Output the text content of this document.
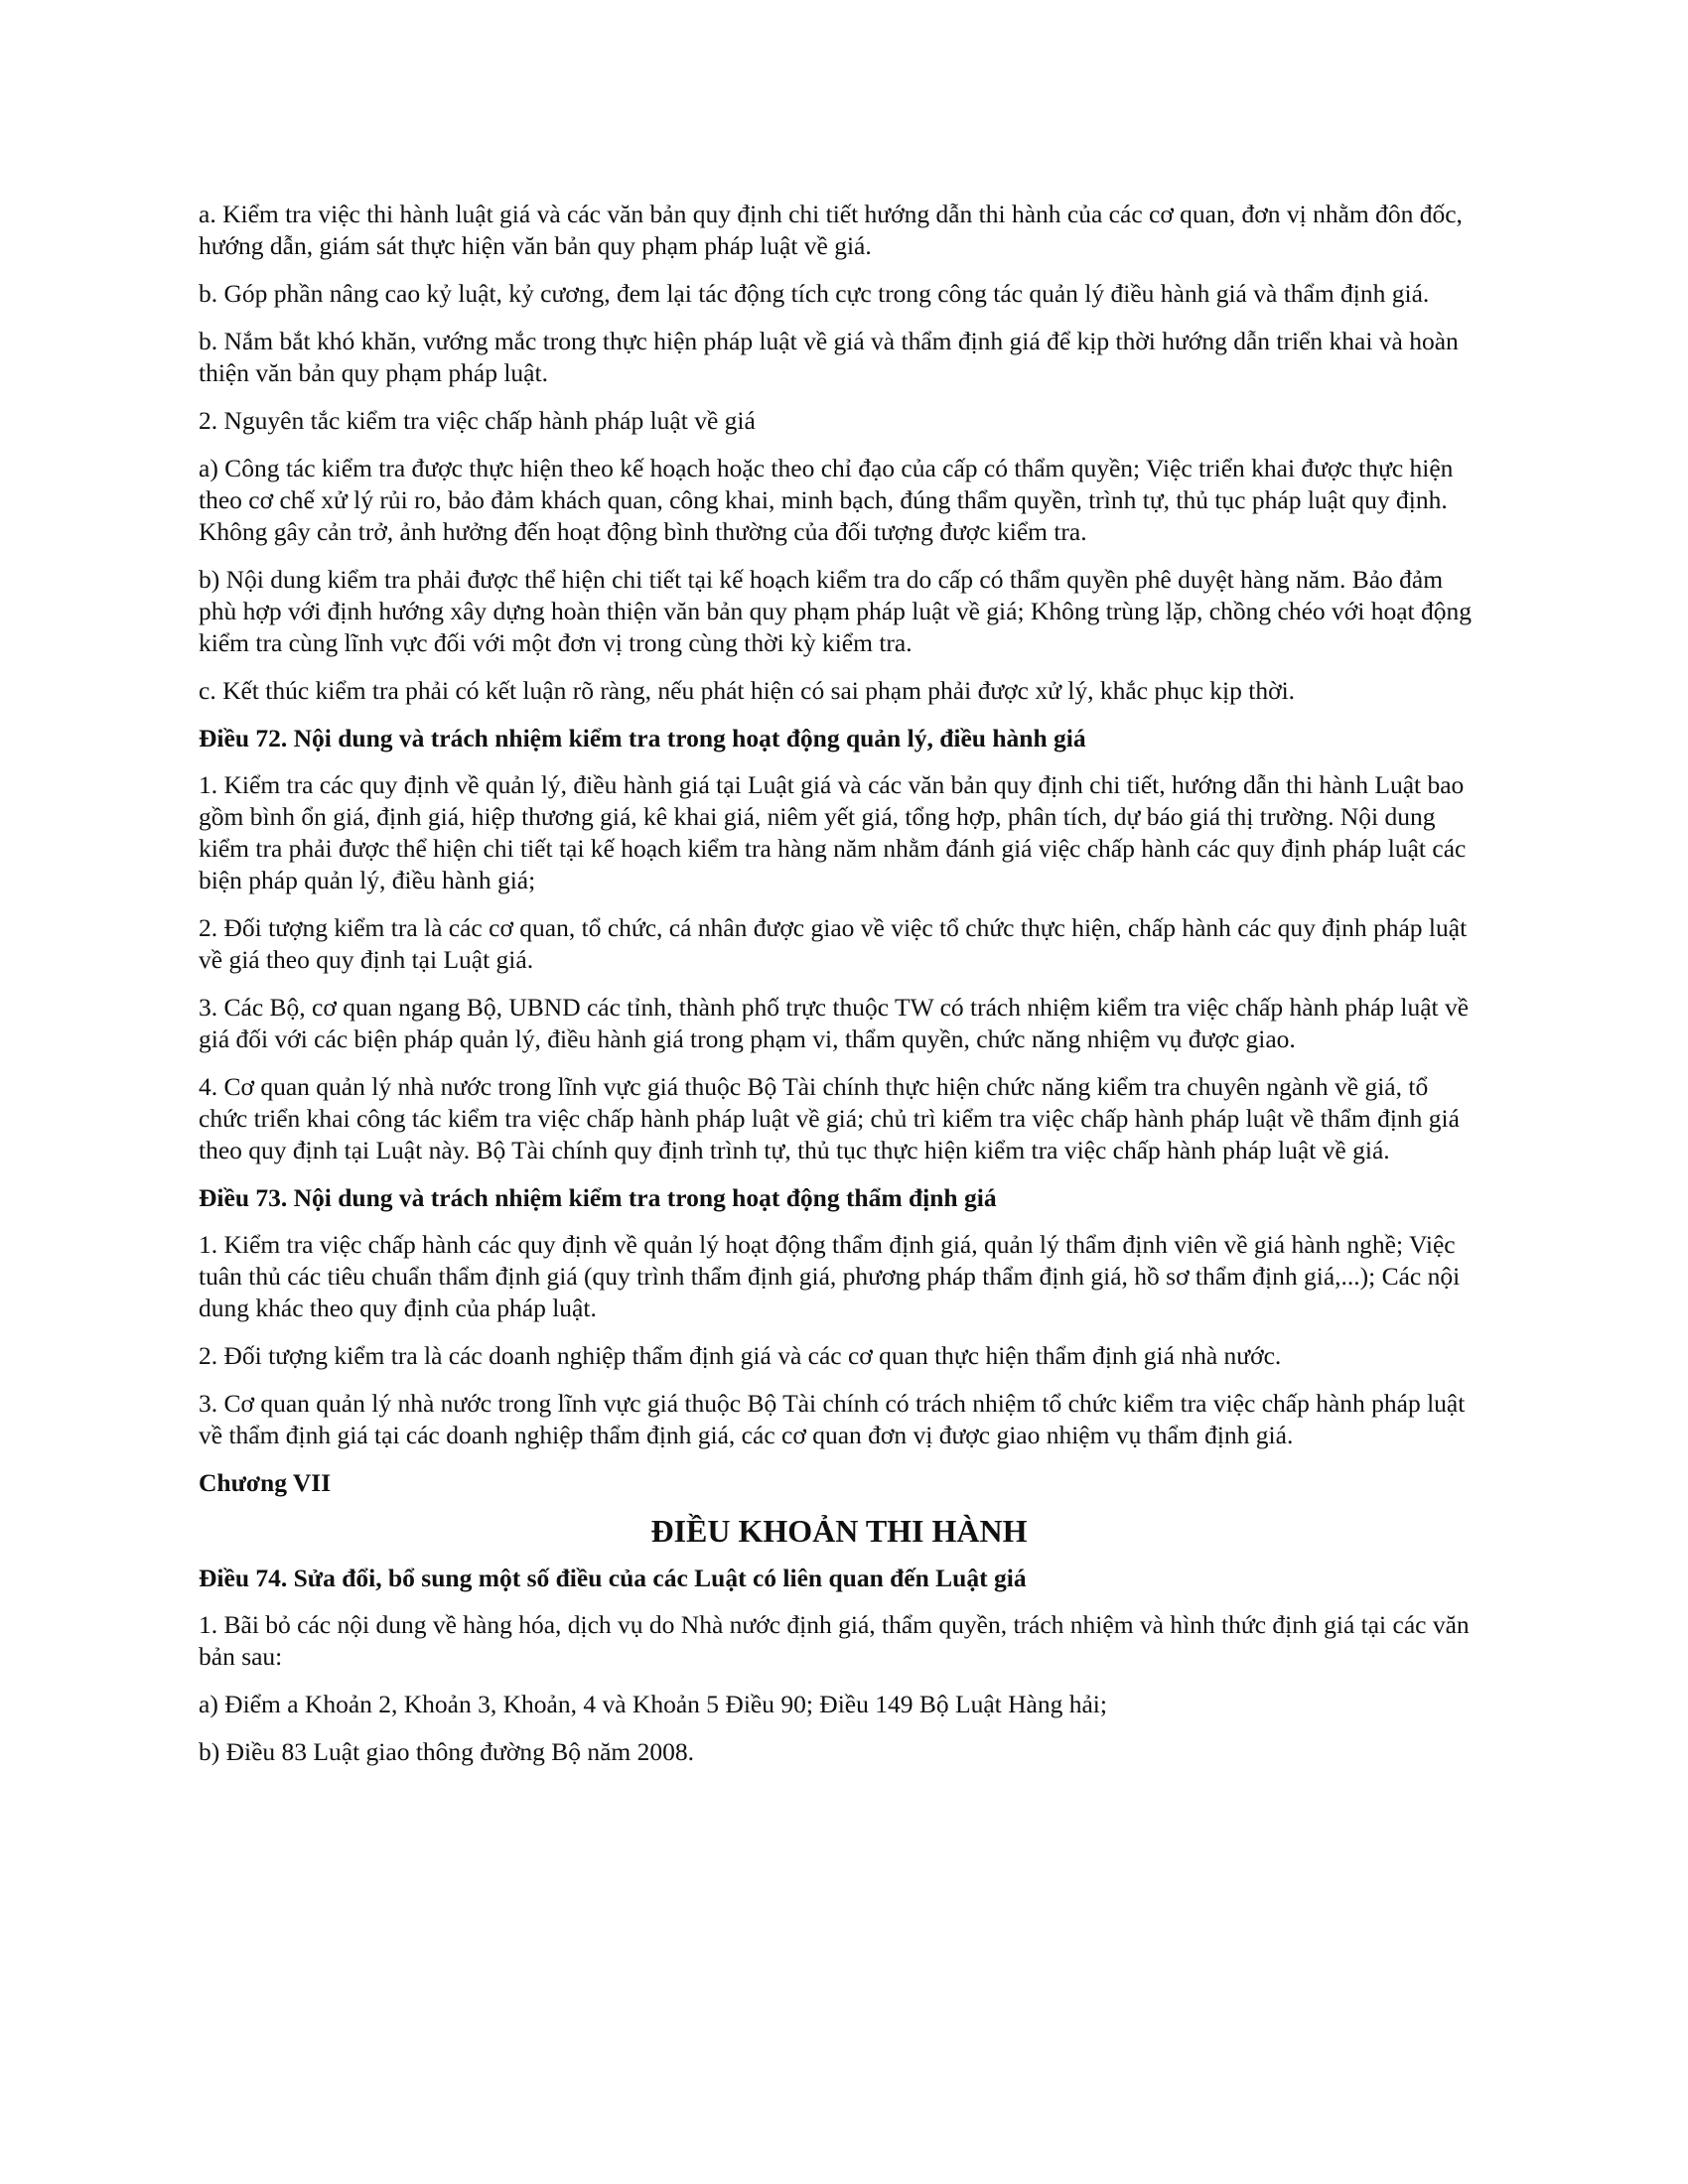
a. Kiểm tra việc thi hành luật giá và các văn bản quy định chi tiết hướng dẫn thi hành của các cơ quan, đơn vị nhằm đôn đốc, hướng dẫn, giám sát thực hiện văn bản quy phạm pháp luật về giá.

b. Góp phần nâng cao kỷ luật, kỷ cương, đem lại tác động tích cực trong công tác quản lý điều hành giá và thẩm định giá.

b. Nắm bắt khó khăn, vướng mắc trong thực hiện pháp luật về giá và thẩm định giá để kịp thời hướng dẫn triển khai và hoàn thiện văn bản quy phạm pháp luật.

2. Nguyên tắc kiểm tra việc chấp hành pháp luật về giá

a) Công tác kiểm tra được thực hiện theo kế hoạch hoặc theo chỉ đạo của cấp có thẩm quyền; Việc triển khai được thực hiện theo cơ chế xử lý rủi ro, bảo đảm khách quan, công khai, minh bạch, đúng thẩm quyền, trình tự, thủ tục pháp luật quy định. Không gây cản trở, ảnh hưởng đến hoạt động bình thường của đối tượng được kiểm tra.

b) Nội dung kiểm tra phải được thể hiện chi tiết tại kế hoạch kiểm tra do cấp có thẩm quyền phê duyệt hàng năm. Bảo đảm phù hợp với định hướng xây dựng hoàn thiện văn bản quy phạm pháp luật về giá; Không trùng lặp, chồng chéo với hoạt động kiểm tra cùng lĩnh vực đối với một đơn vị trong cùng thời kỳ kiểm tra.

c. Kết thúc kiểm tra phải có kết luận rõ ràng, nếu phát hiện có sai phạm phải được xử lý, khắc phục kịp thời.

Điều 72. Nội dung và trách nhiệm kiểm tra trong hoạt động quản lý, điều hành giá

1. Kiểm tra các quy định về quản lý, điều hành giá tại Luật giá và các văn bản quy định chi tiết, hướng dẫn thi hành Luật bao gồm bình ổn giá, định giá, hiệp thương giá, kê khai giá, niêm yết giá, tổng hợp, phân tích, dự báo giá thị trường. Nội dung kiểm tra phải được thể hiện chi tiết tại kế hoạch kiểm tra hàng năm nhằm đánh giá việc chấp hành các quy định pháp luật các biện pháp quản lý, điều hành giá;

2. Đối tượng kiểm tra là các cơ quan, tổ chức, cá nhân được giao về việc tổ chức thực hiện, chấp hành các quy định pháp luật về giá theo quy định tại Luật giá.

3. Các Bộ, cơ quan ngang Bộ, UBND các tỉnh, thành phố trực thuộc TW có trách nhiệm kiểm tra việc chấp hành pháp luật về giá đối với các biện pháp quản lý, điều hành giá trong phạm vi, thẩm quyền, chức năng nhiệm vụ được giao.

4. Cơ quan quản lý nhà nước trong lĩnh vực giá thuộc Bộ Tài chính thực hiện chức năng kiểm tra chuyên ngành về giá, tổ chức triển khai công tác kiểm tra việc chấp hành pháp luật về giá; chủ trì kiểm tra việc chấp hành pháp luật về thẩm định giá theo quy định tại Luật này. Bộ Tài chính quy định trình tự, thủ tục thực hiện kiểm tra việc chấp hành pháp luật về giá.

Điều 73. Nội dung và trách nhiệm kiểm tra trong hoạt động thẩm định giá

1. Kiểm tra việc chấp hành các quy định về quản lý hoạt động thẩm định giá, quản lý thẩm định viên về giá hành nghề; Việc tuân thủ các tiêu chuẩn thẩm định giá (quy trình thẩm định giá, phương pháp thẩm định giá, hồ sơ thẩm định giá,...); Các nội dung khác theo quy định của pháp luật.

2. Đối tượng kiểm tra là các doanh nghiệp thẩm định giá và các cơ quan thực hiện thẩm định giá nhà nước.

3. Cơ quan quản lý nhà nước trong lĩnh vực giá thuộc Bộ Tài chính có trách nhiệm tổ chức kiểm tra việc chấp hành pháp luật về thẩm định giá tại các doanh nghiệp thẩm định giá, các cơ quan đơn vị được giao nhiệm vụ thẩm định giá.

Chương VII

ĐIỀU KHOẢN THI HÀNH

Điều 74. Sửa đổi, bổ sung một số điều của các Luật có liên quan đến Luật giá

1. Bãi bỏ các nội dung về hàng hóa, dịch vụ do Nhà nước định giá, thẩm quyền, trách nhiệm và hình thức định giá tại các văn bản sau:

a) Điểm a Khoản 2, Khoản 3, Khoản, 4 và Khoản 5 Điều 90; Điều 149 Bộ Luật Hàng hải;

b) Điều 83 Luật giao thông đường Bộ năm 2008.
